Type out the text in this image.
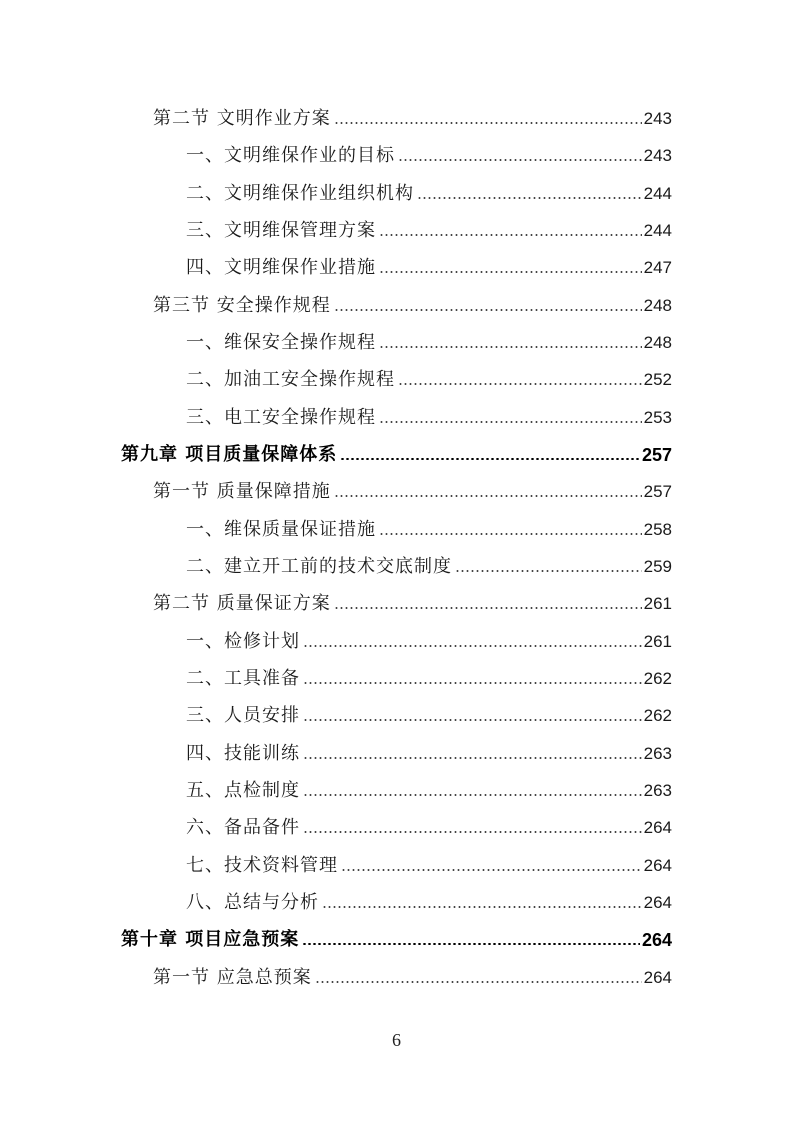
第二节 文明作业方案	243
一、文明维保作业的目标	243
二、文明维保作业组织机构	244
三、文明维保管理方案	244
四、文明维保作业措施	247
第三节 安全操作规程	248
一、维保安全操作规程	248
二、加油工安全操作规程	252
三、电工安全操作规程	253
第九章 项目质量保障体系	257
第一节 质量保障措施	257
一、维保质量保证措施	258
二、建立开工前的技术交底制度	259
第二节 质量保证方案	261
一、检修计划	261
二、工具准备	262
三、人员安排	262
四、技能训练	263
五、点检制度	263
六、备品备件	264
七、技术资料管理	264
八、总结与分析	264
第十章 项目应急预案	264
第一节 应急总预案	264
6
